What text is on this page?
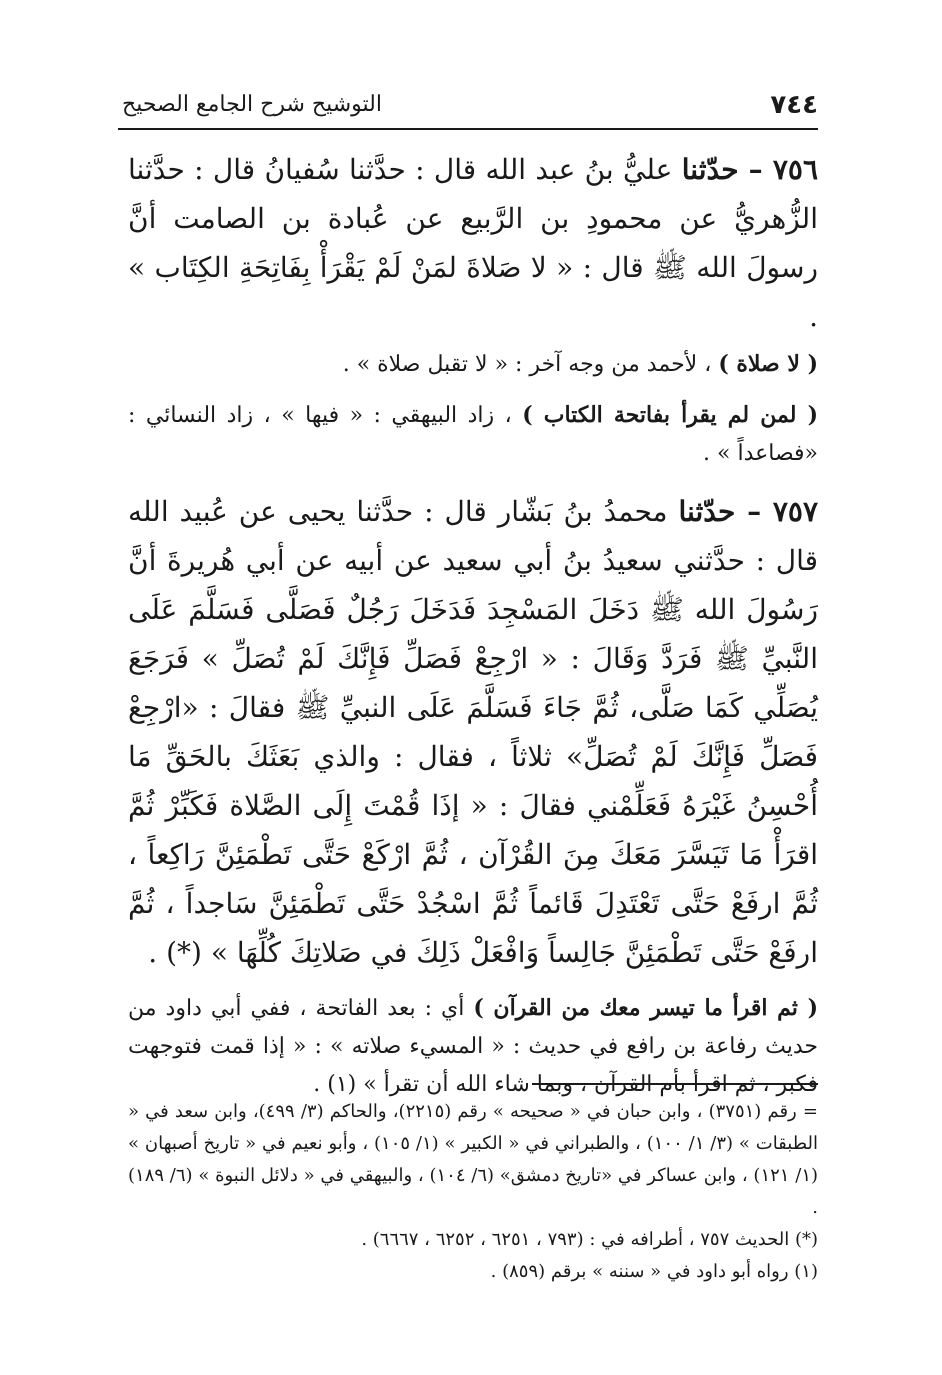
٧٤٤
التوشيح شرح الجامع الصحيح

٧٥٦ – حدّثنا عليُّ بنُ عبد الله قال : حدَّثنا سُفيانُ قال : حدَّثنا الزُّهريُّ عن محمودِ بن الرَّبيع عن عُبادة بن الصامت أنَّ رسولَ الله ﷺ قال : « لا صَلاةَ لمَنْ لَمْ يَقْرَأْ بِفَاتِحَةِ الكِتَاب » .

( لا صلاة ) ، لأحمد من وجه آخر : « لا تقبل صلاة » .

( لمن لم يقرأ بفاتحة الكتاب ) ، زاد البيهقي : « فيها » ، زاد النسائي : «فصاعداً » .

٧٥٧ – حدّثنا محمدُ بنُ بَشّار قال : حدَّثنا يحيى عن عُبيد الله قال : حدَّثني سعيدُ بنُ أبي سعيد عن أبيه عن أبي هُريرةَ أنَّ رَسُولَ الله ﷺ دَخَلَ المَسْجِدَ فَدَخَلَ رَجُلٌ فَصَلَّى فَسَلَّمَ عَلَى النَّبيِّ ﷺ فَرَدَّ وَقَالَ : « ارْجِعْ فَصَلِّ فَإِنَّكَ لَمْ تُصَلِّ » فَرَجَعَ يُصَلِّي كَمَا صَلَّى، ثُمَّ جَاءَ فَسَلَّمَ عَلَى النبيِّ ﷺ فقالَ : «ارْجِعْ فَصَلِّ فَإِنَّكَ لَمْ تُصَلِّ» ثلاثاً ، فقال : والذي بَعَثَكَ بالحَقِّ مَا أُحْسِنُ غَيْرَهُ فَعَلِّمْني فقالَ : « إذَا قُمْتَ إِلَى الصَّلاة فَكَبِّرْ ثُمَّ اقرَأْ مَا تَيَسَّرَ مَعَكَ مِنَ القُرْآن ، ثُمَّ ارْكَعْ حَتَّى تَطْمَئِنَّ رَاكِعاً ، ثُمَّ ارفَعْ حَتَّى تَعْتَدِلَ قَائماً ثُمَّ اسْجُدْ حَتَّى تَطْمَئِنَّ سَاجداً ، ثُمَّ ارفَعْ حَتَّى تَطْمَئِنَّ جَالِساً وَافْعَلْ ذَلِكَ في صَلاتِكَ كُلِّهَا » (*) .

( ثم اقرأ ما تيسر معك من القرآن ) أي : بعد الفاتحة ، ففي أبي داود من حديث رفاعة بن رافع في حديث : « المسيء صلاته » : « إذا قمت فتوجهت فكبر ، ثم اقرأ بأم القرآن ، وبما شاء الله أن تقرأ » (١) .

= رقم (٣٧٥١) ، وابن حبان في « صحيحه » رقم (٢٢١٥)، والحاكم (٣/ ٤٩٩)، وابن سعد في « الطبقات » (٣/ ١/ ١٠٠) ، والطبراني في « الكبير » (١/ ١٠٥) ، وأبو نعيم في « تاريخ أصبهان » (١/ ١٢١) ، وابن عساكر في «تاريخ دمشق» (٦/ ١٠٤) ، والبيهقي في « دلائل النبوة » (٦/ ١٨٩) .

(*) الحديث ٧٥٧ ، أطرافه في : (٧٩٣ ، ٦٢٥١ ، ٦٢٥٢ ، ٦٦٦٧) .

(١) رواه أبو داود في « سننه » برقم (٨٥٩) .
